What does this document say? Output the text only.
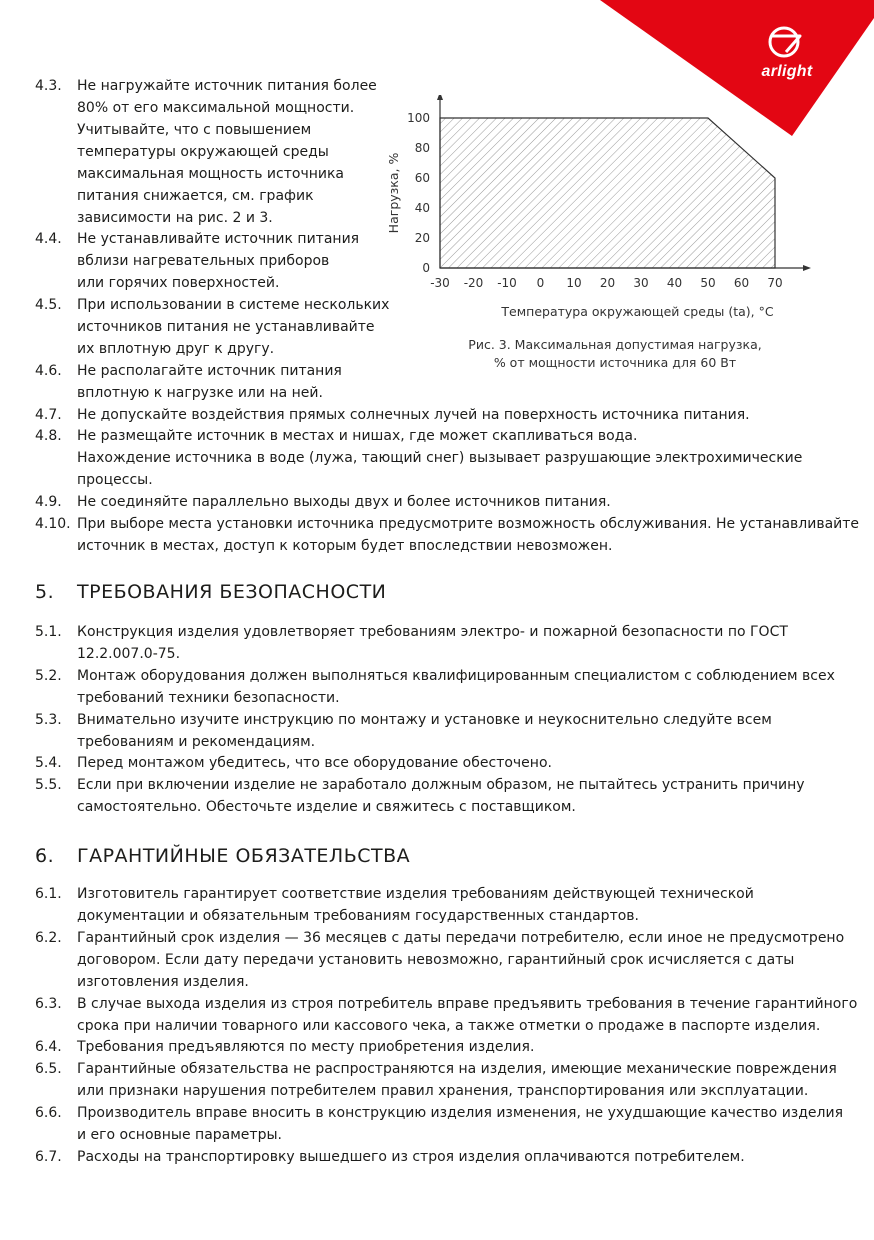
arlight
4.3. Не нагружайте источник питания более
80% от его максимальной мощности.
Учитывайте, что с повышением
температуры окружающей среды
максимальная мощность источника
питания снижается, см. график
зависимости на рис. 2 и 3.
4.4. Не устанавливайте источник питания
вблизи нагревательных приборов
или горячих поверхностей.
4.5. При использовании в системе нескольких
источников питания не устанавливайте
их вплотную друг к другу.
4.6. Не располагайте источник питания
вплотную к нагрузке или на ней.
4.7. Не допускайте воздействия прямых солнечных лучей на поверхность источника питания.
4.8. Не размещайте источник в местах и нишах, где может скапливаться вода.
Нахождение источника в воде (лужа, тающий снег) вызывает разрушающие электрохимические
процессы.
4.9. Не соединяйте параллельно выходы двух и более источников питания.
4.10. При выборе места установки источника предусмотрите возможность обслуживания. Не устанавливайте
источник в местах, доступ к которым будет впоследствии невозможен.
-30 -20 -10 0 10 20 30 40 50 60 70
0
20
40
60
80
100
Температура окружающей среды (ta), °С
Нагрузка, %
Рис. 3. Максимальная допустимая нагрузка,
% от мощности источника для 60 Вт
5. ТРЕБОВАНИЯ БЕЗОПАСНОСТИ
5.1. Конструкция изделия удовлетворяет требованиям электро- и пожарной безопасности по ГОСТ
12.2.007.0-75.
5.2. Монтаж оборудования должен выполняться квалифицированным специалистом с соблюдением всех
требований техники безопасности.
5.3. Внимательно изучите инструкцию по монтажу и установке и неукоснительно следуйте всем
требованиям и рекомендациям.
5.4. Перед монтажом убедитесь, что все оборудование обесточено.
5.5. Если при включении изделие не заработало должным образом, не пытайтесь устранить причину
самостоятельно. Обесточьте изделие и свяжитесь с поставщиком.
6. ГАРАНТИЙНЫЕ ОБЯЗАТЕЛЬСТВА
6.1. Изготовитель гарантирует соответствие изделия требованиям действующей технической
документации и обязательным требованиям государственных стандартов.
6.2. Гарантийный срок изделия — 36 месяцев с даты передачи потребителю, если иное не предусмотрено
договором. Если дату передачи установить невозможно, гарантийный срок исчисляется с даты
изготовления изделия.
6.3. В случае выхода изделия из строя потребитель вправе предъявить требования в течение гарантийного
срока при наличии товарного или кассового чека, а также отметки о продаже в паспорте изделия.
6.4. Требования предъявляются по месту приобретения изделия.
6.5. Гарантийные обязательства не распространяются на изделия, имеющие механические повреждения
или признаки нарушения потребителем правил хранения, транспортирования или эксплуатации.
6.6. Производитель вправе вносить в конструкцию изделия изменения, не ухудшающие качество изделия
и его основные параметры.
6.7. Расходы на транспортировку вышедшего из строя изделия оплачиваются потребителем.
